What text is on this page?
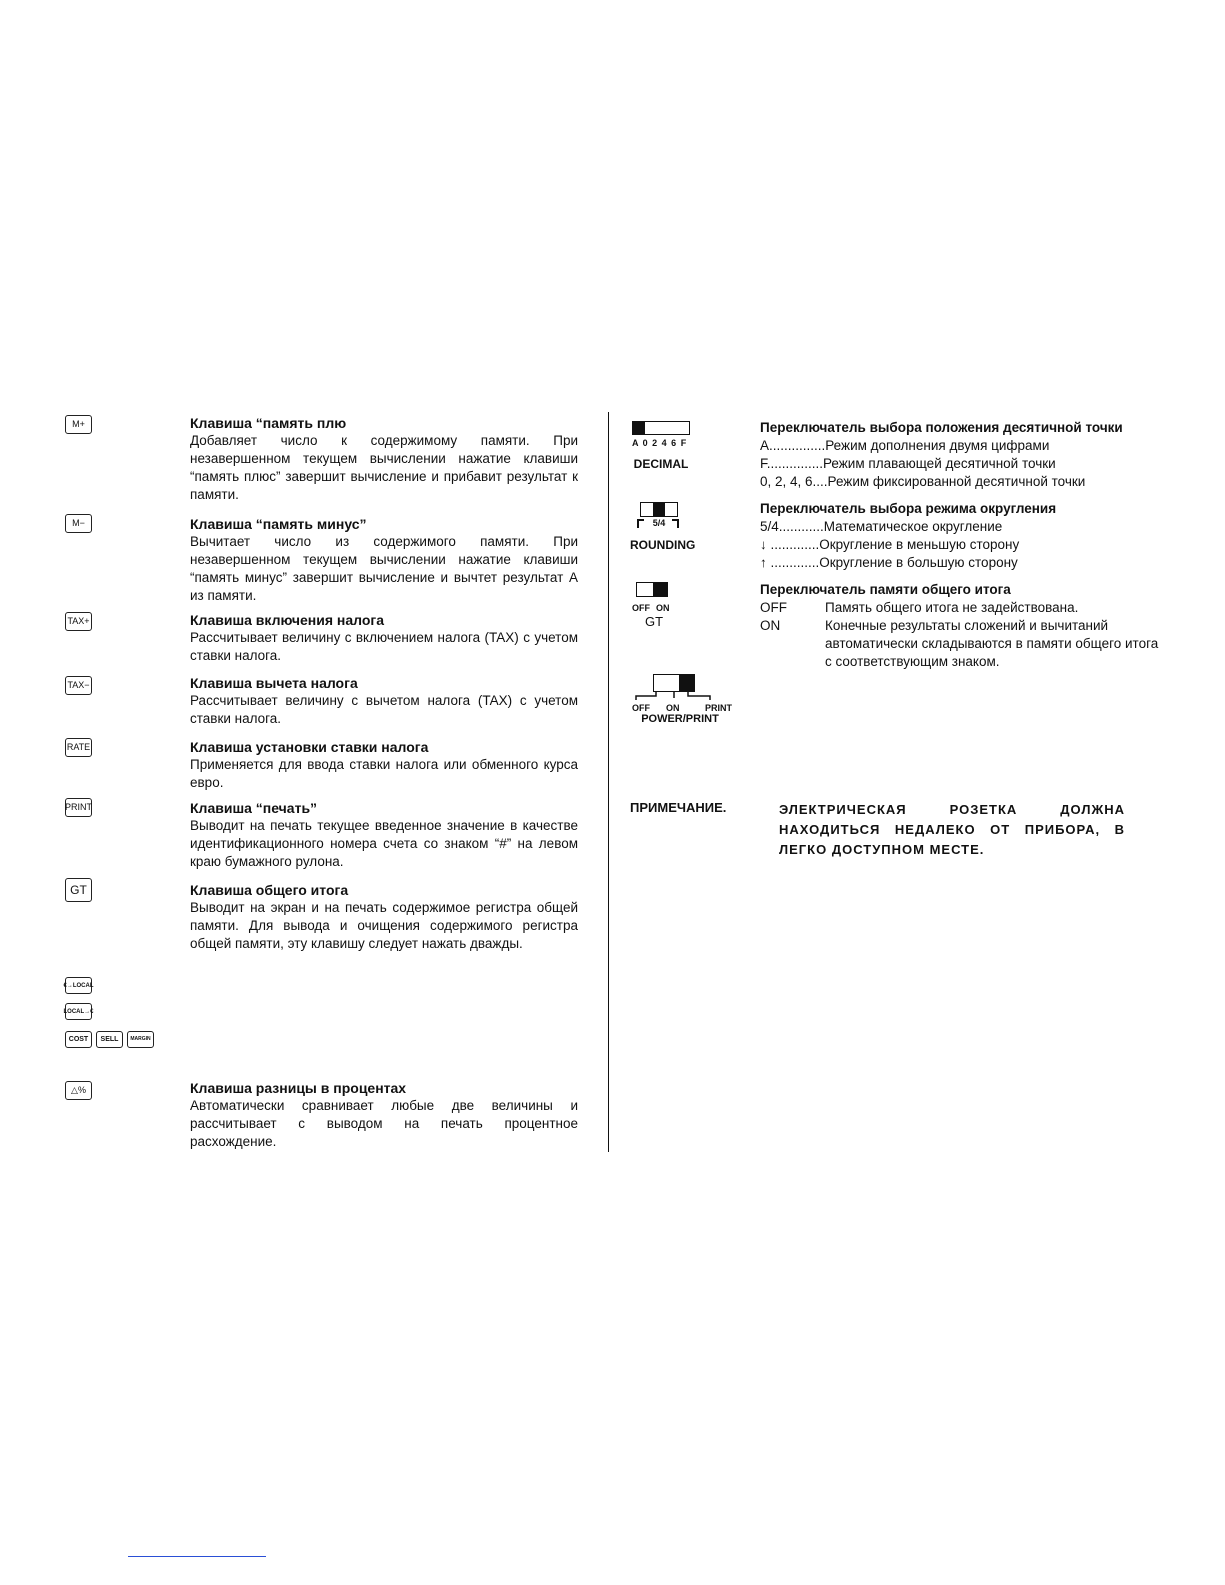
M+	Клавиша “память плю

Добавляет число к содержимому памяти. При незавершенном текущем вычислении нажатие клавиши “память плюс” завершит вычисление и прибавит результат к памяти.

M−	Клавиша “память минус”

Вычитает число из содержимого памяти. При незавершенном текущем вычислении нажатие клавиши “память минус” завершит вычисление и вычтет результат А из памяти.

TAX+	Клавиша включения налога

Рассчитывает величину с включением налога (TAX) с учетом ставки налога.

TAX−	Клавиша вычета налога

Рассчитывает величину с вычетом налога (TAX) с учетом ставки налога.

RATE	Клавиша установки ставки налога

Применяется для ввода ставки налога или обменного курса евро.

PRINT	Клавиша “печать”

Выводит на печать текущее введенное значение в качестве идентификационного номера счета со знаком “#” на левом краю бумажного рулона.

GT	Клавиша общего итога

Выводит на экран и на печать содержимое регистра общей памяти. Для вывода и очищения содержимого регистра общей памяти, эту клавишу следует нажать дважды.

€→LOCAL
LOCAL→€
COST	SELL	MARGIN
△%	Клавиша разницы в процентах

Автоматически сравнивает любые две величины и рассчитывает с выводом на печать процентное расхождение.

A 0 2 4 6 F
DECIMAL
Переключатель выбора положения десятичной точки
A...............Режим дополнения двумя цифрами
F...............Режим плавающей десятичной точки
0, 2, 4, 6....Режим фиксированной десятичной точки
5/4
ROUNDING
Переключатель выбора режима округления
5/4............Математическое округление
↓ .............Округление в меньшую сторону
↑ .............Округление в большую сторону
OFF ON
GT
Переключатель памяти общего итога
OFF	Память общего итога не задействована.
ON	Конечные результаты сложений и вычитаний автоматически складываются в памяти общего итога с соответствующим знаком.
OFF ON	PRINT
POWER/PRINT
ПРИМЕЧАНИЕ.	ЭЛЕКТРИЧЕСКАЯ РОЗЕТКА ДОЛЖНА НАХОДИТЬСЯ НЕДАЛЕКО ОТ ПРИБОРА, В ЛЕГКО ДОСТУПНОМ МЕСТЕ.
